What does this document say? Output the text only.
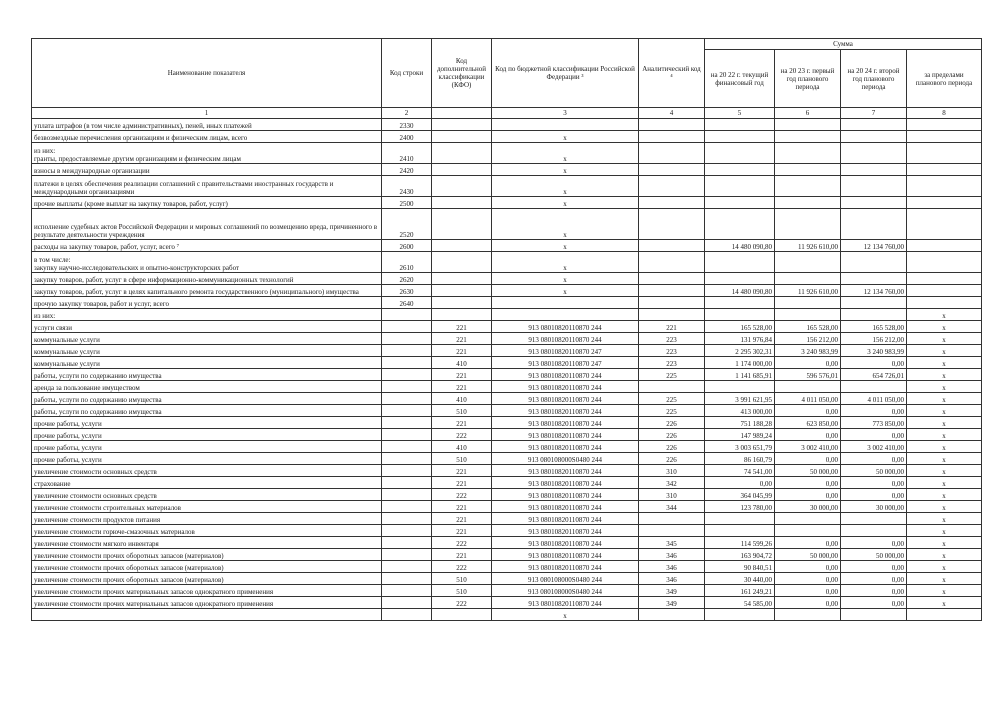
Наименование показателя	Код строки	Код дополнительной классификации (КФО)	Код по бюджетной классификации Российской Федерации ³	Аналитический код ⁴	Сумма			
					на 20 22 г. текущий финансовый год	на 20 23 г. первый год планового периода	на 20 24 г. второй год планового периода	за пределами планового периода
1	2		3	4	5	6	7	8
уплата штрафов (в том числе административных), пеней, иных платежей	2330							
безвозмездные перечисления организациям и физическим лицам, всего	2400		x					
из них:
гранты, предоставляемые другим организациям и физическим лицам	2410		x					
взносы в международные организации	2420		x					
платежи в целях обеспечения реализации соглашений с правительствами иностранных государств и международными организациями	2430		x					
прочие выплаты (кроме выплат на закупку товаров, работ, услуг)	2500		x					
исполнение судебных актов Российской Федерации и мировых соглашений по возмещению вреда, причиненного в результате деятельности учреждения	2520		x					
расходы на закупку товаров, работ, услуг, всего ⁷	2600		x		14 480 090,80	11 926 610,00	12 134 760,00	
в том числе:
закупку научно-исследовательских и опытно-конструкторских работ	2610		x					
закупку товаров, работ, услуг в сфере информационно-коммуникационных технологий	2620		x					
закупку товаров, работ, услуг в целях капитального ремонта государственного (муниципального) имущества	2630		x		14 480 090,80	11 926 610,00	12 134 760,00	
прочую закупку товаров, работ и услуг, всего	2640							
из них:								x
услуги связи		221	913 08010820110870 244	221	165 528,00	165 528,00	165 528,00	x
коммунальные услуги		221	913 08010820110870 244	223	131 976,84	156 212,00	156 212,00	x
коммунальные услуги		221	913 08010820110870 247	223	2 295 302,31	3 240 983,99	3 240 983,99	x
коммунальные услуги		410	913 08010820110870 247	223	1 174 000,00	0,00	0,00	x
работы, услуги по содержанию имущества		221	913 08010820110870 244	225	1 141 685,91	596 576,01	654 726,01	x
аренда за пользование имуществом		221	913 08010820110870 244					x
работы, услуги по содержанию имущества		410	913 08010820110870 244	225	3 991 621,95	4 011 050,00	4 011 050,00	x
работы, услуги по содержанию имущества		510	913 08010820110870 244	225	413 000,00	0,00	0,00	x
прочие работы, услуги		221	913 08010820110870 244	226	751 188,28	623 850,00	773 850,00	x
прочие работы, услуги		222	913 08010820110870 244	226	147 989,24	0,00	0,00	x
прочие работы, услуги		410	913 08010820110870 244	226	3 003 651,79	3 002 410,00	3 002 410,00	x
прочие работы, услуги		510	913 080108000S0480 244	226	86 160,79	0,00	0,00	x
увеличение стоимости основных средств		221	913 08010820110870 244	310	74 541,00	50 000,00	50 000,00	x
страхование		221	913 08010820110870 244	342	0,00	0,00	0,00	x
увеличение стоимости основных средств		222	913 08010820110870 244	310	364 045,99	0,00	0,00	x
увеличение стоимости строительных материалов		221	913 08010820110870 244	344	123 780,00	30 000,00	30 000,00	x
увеличение стоимости продуктов питания		221	913 08010820110870 244					x
увеличение стоимости горюче-смазочных материалов		221	913 08010820110870 244					x
увеличение стоимости мягкого инвентаря		222	913 08010820110870 244	345	114 599,26	0,00	0,00	x
увеличение стоимости прочих оборотных запасов (материалов)		221	913 08010820110870 244	346	163 904,72	50 000,00	50 000,00	x
увеличение стоимости прочих оборотных запасов (материалов)		222	913 08010820110870 244	346	90 840,51	0,00	0,00	x
увеличение стоимости прочих оборотных запасов (материалов)		510	913 080108000S0480 244	346	30 440,00	0,00	0,00	x
увеличение стоимости прочих материальных запасов однократного применения		510	913 080108000S0480 244	349	161 249,21	0,00	0,00	x
увеличение стоимости прочих материальных запасов однократного применения		222	913 08010820110870 244	349	54 585,00	0,00	0,00	x
			x					
